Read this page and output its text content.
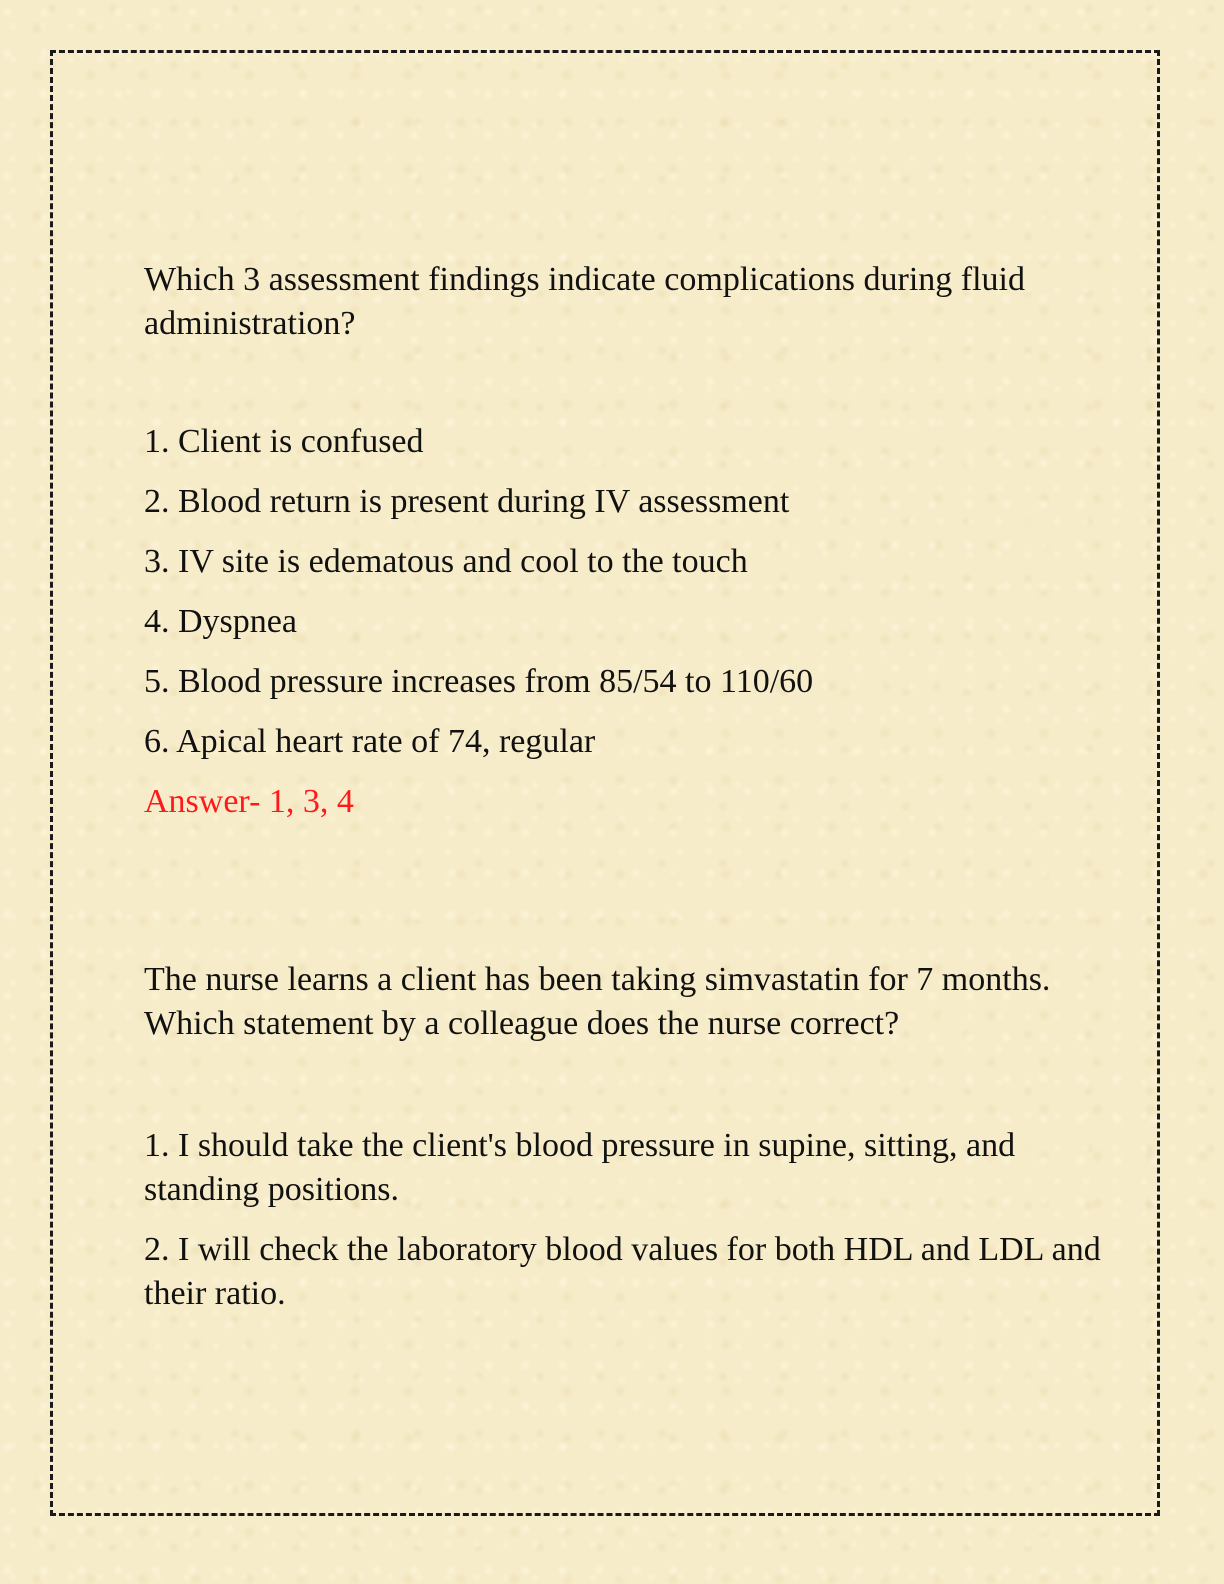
Which 3 assessment findings indicate complications during fluid administration?

1. Client is confused
2. Blood return is present during IV assessment
3. IV site is edematous and cool to the touch
4. Dyspnea
5. Blood pressure increases from 85/54 to 110/60
6. Apical heart rate of 74, regular

Answer- 1, 3, 4

The nurse learns a client has been taking simvastatin for 7 months. Which statement by a colleague does the nurse correct?

1. I should take the client's blood pressure in supine, sitting, and standing positions.
2. I will check the laboratory blood values for both HDL and LDL and their ratio.
